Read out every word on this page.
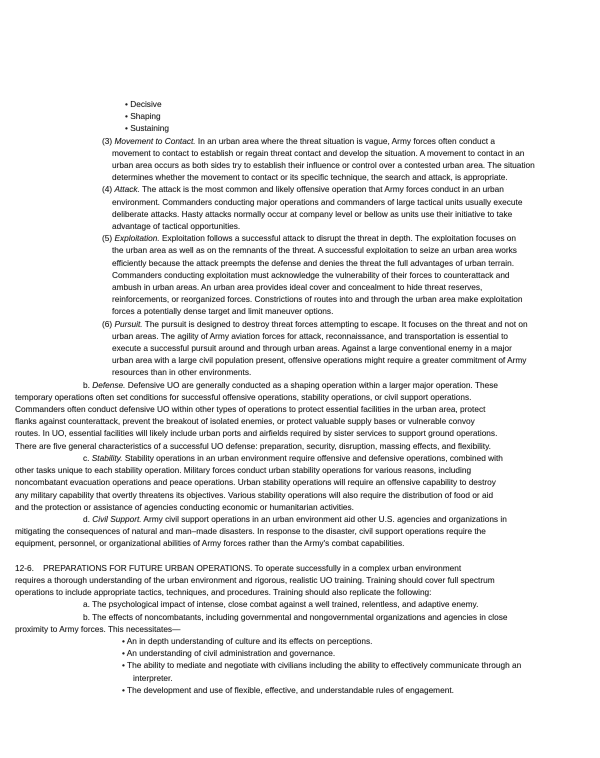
• Decisive
• Shaping
• Sustaining
(3) Movement to Contact. In an urban area where the threat situation is vague, Army forces often conduct a
movement to contact to establish or regain threat contact and develop the situation. A movement to contact in an
urban area occurs as both sides try to establish their influence or control over a contested urban area. The situation
determines whether the movement to contact or its specific technique, the search and attack, is appropriate.
(4) Attack. The attack is the most common and likely offensive operation that Army forces conduct in an urban
environment. Commanders conducting major operations and commanders of large tactical units usually execute
deliberate attacks. Hasty attacks normally occur at company level or bellow as units use their initiative to take
advantage of tactical opportunities.
(5) Exploitation. Exploitation follows a successful attack to disrupt the threat in depth. The exploitation focuses on
the urban area as well as on the remnants of the threat. A successful exploitation to seize an urban area works
efficiently because the attack preempts the defense and denies the threat the full advantages of urban terrain.
Commanders conducting exploitation must acknowledge the vulnerability of their forces to counterattack and
ambush in urban areas. An urban area provides ideal cover and concealment to hide threat reserves,
reinforcements, or reorganized forces. Constrictions of routes into and through the urban area make exploitation
forces a potentially dense target and limit maneuver options.
(6) Pursuit. The pursuit is designed to destroy threat forces attempting to escape. It focuses on the threat and not on
urban areas. The agility of Army aviation forces for attack, reconnaissance, and transportation is essential to
execute a successful pursuit around and through urban areas. Against a large conventional enemy in a major
urban area with a large civil population present, offensive operations might require a greater commitment of Army
resources than in other environments.
b. Defense. Defensive UO are generally conducted as a shaping operation within a larger major operation. These
temporary operations often set conditions for successful offensive operations, stability operations, or civil support operations.
Commanders often conduct defensive UO within other types of operations to protect essential facilities in the urban area, protect
flanks against counterattack, prevent the breakout of isolated enemies, or protect valuable supply bases or vulnerable convoy
routes. In UO, essential facilities will likely include urban ports and airfields required by sister services to support ground operations.
There are five general characteristics of a successful UO defense: preparation, security, disruption, massing effects, and flexibility.
c. Stability. Stability operations in an urban environment require offensive and defensive operations, combined with
other tasks unique to each stability operation. Military forces conduct urban stability operations for various reasons, including
noncombatant evacuation operations and peace operations. Urban stability operations will require an offensive capability to destroy
any military capability that overtly threatens its objectives. Various stability operations will also require the distribution of food or aid
and the protection or assistance of agencies conducting economic or humanitarian activities.
d. Civil Support. Army civil support operations in an urban environment aid other U.S. agencies and organizations in
mitigating the consequences of natural and man–made disasters. In response to the disaster, civil support operations require the
equipment, personnel, or organizational abilities of Army forces rather than the Army's combat capabilities.
12-6.    PREPARATIONS FOR FUTURE URBAN OPERATIONS. To operate successfully in a complex urban environment
requires a thorough understanding of the urban environment and rigorous, realistic UO training. Training should cover full spectrum
operations to include appropriate tactics, techniques, and procedures. Training should also replicate the following:
a. The psychological impact of intense, close combat against a well trained, relentless, and adaptive enemy.
b. The effects of noncombatants, including governmental and nongovernmental organizations and agencies in close
proximity to Army forces. This necessitates—
• An in depth understanding of culture and its effects on perceptions.
• An understanding of civil administration and governance.
• The ability to mediate and negotiate with civilians including the ability to effectively communicate through an
interpreter.
• The development and use of flexible, effective, and understandable rules of engagement.
